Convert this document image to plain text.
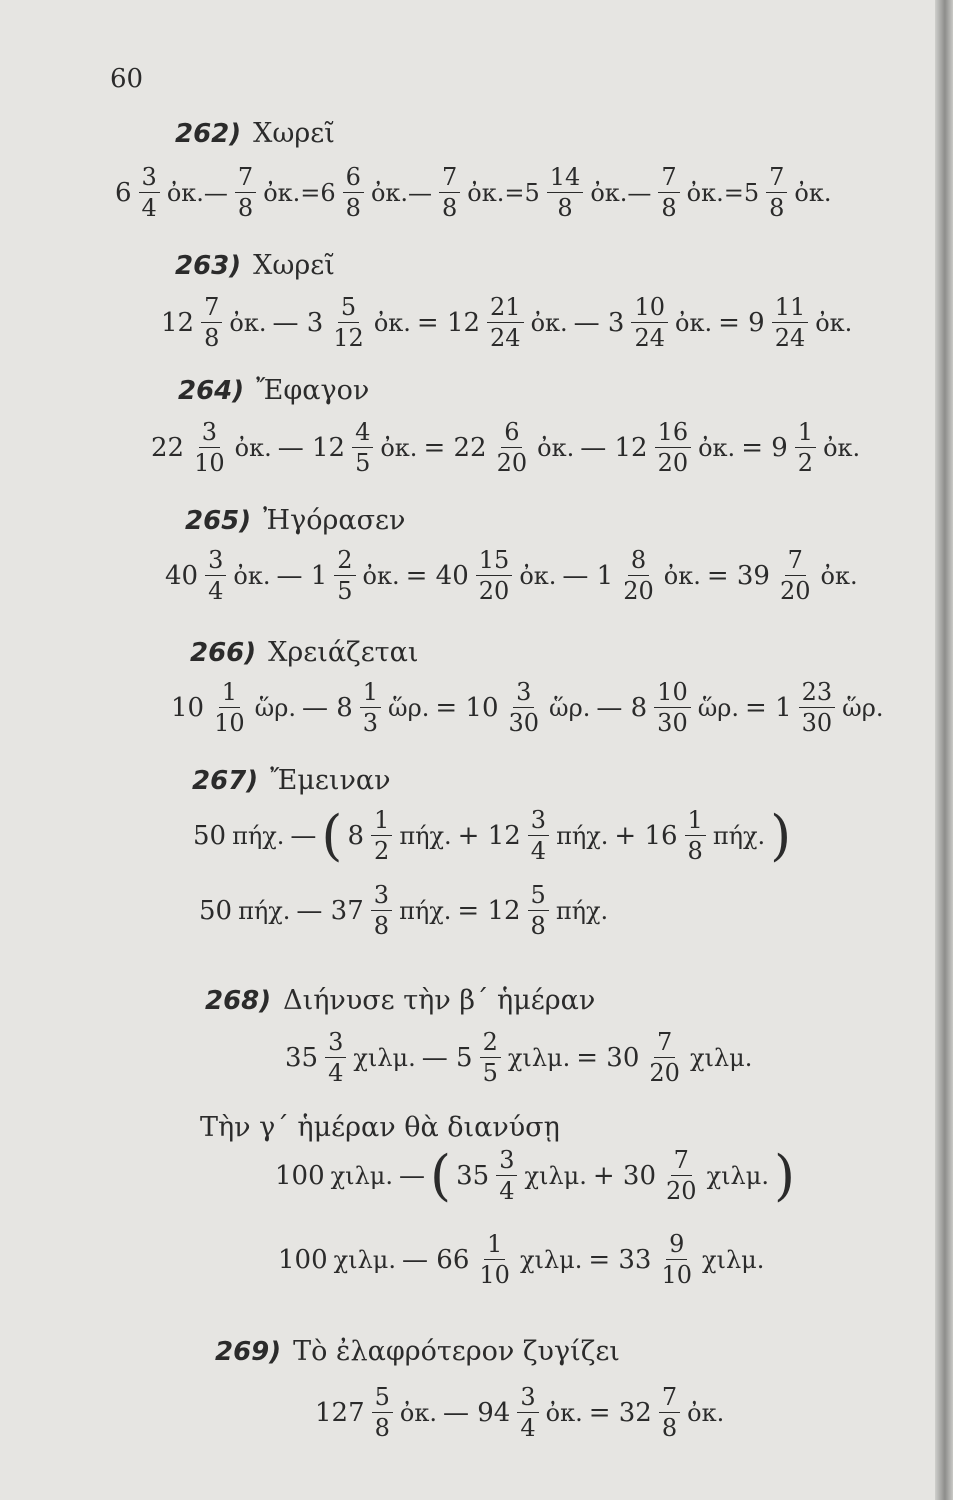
60
262) Χωρεῖ
$6 \frac{3}{4}$ ὀκ.— $\frac{7}{8}$ ὀκ.=6 $\frac{6}{8}$ ὀκ.— $\frac{7}{8}$ ὀκ.=5 $\frac{14}{8}$ ὀκ.— $\frac{7}{8}$ ὀκ.=5 $\frac{7}{8}$ ὀκ.
263) Χωρεῖ
$12 \frac{7}{8}$ ὀκ. — $3 \frac{5}{12}$ ὀκ. = $12 \frac{21}{24}$ ὀκ. — $3 \frac{10}{24}$ ὀκ. = $9 \frac{11}{24}$ ὀκ.
264) Ἔφαγον
$22 \frac{3}{10}$ ὀκ. — $12 \frac{4}{5}$ ὀκ. = $22 \frac{6}{20}$ ὀκ. — $12 \frac{16}{20}$ ὀκ. = $9 \frac{1}{2}$ ὀκ.
265) Ἠγόρασεν
$40 \frac{3}{4}$ ὀκ. — $1 \frac{2}{5}$ ὀκ. = $40 \frac{15}{20}$ ὀκ. — $1 \frac{8}{20}$ ὀκ. = $39 \frac{7}{20}$ ὀκ.
266) Χρειάζεται
$10 \frac{1}{10}$ ὥρ. — $8 \frac{1}{3}$ ὥρ. = $10 \frac{3}{30}$ ὥρ. — $8 \frac{10}{30}$ ὥρ. = $1 \frac{23}{30}$ ὥρ.
267) Ἔμειναν
50 πήχ. — ( $8 \frac{1}{2} \pi ή\chi$. + $12 \frac{3}{4} \pi ή\chi$. + $16 \frac{1}{8} \pi ή\chi$. )
50 πήχ. — $37 \frac{3}{8} \pi ή\chi$. = $12 \frac{5}{8} \pi ή\chi$.
268) Διήνυσε τὴν β΄ ἡμέραν
$35 \frac{3}{4} \chi\iota\lambda\mu$. — $5 \frac{2}{5} \chi\iota\lambda\mu$. = $30 \frac{7}{20} \chi\iota\lambda\mu$.
Τὴν γ΄ ἡμέραν θὰ διανύσῃ
100 χιλμ. — ( $35 \frac{3}{4} \chi\iota\lambda\mu$. + $30 \frac{7}{20} \chi\iota\lambda\mu$. )
100 χιλμ. — $66 \frac{1}{10} \chi\iota\lambda\mu$. = $33 \frac{9}{10} \chi\iota\lambda\mu$.
269) Τὸ ἐλαφρότερον ζυγίζει
$127 \frac{5}{8}$ ὀκ. — $94 \frac{3}{4}$ ὀκ. = $32 \frac{7}{8}$ ὀκ.
